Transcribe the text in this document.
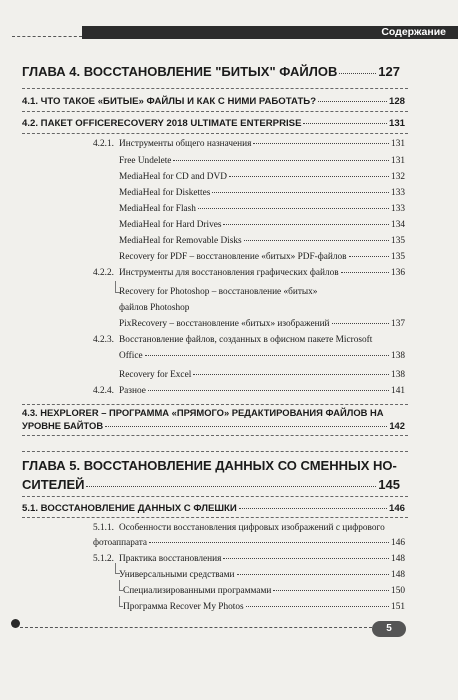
Содержание
ГЛАВА 4. ВОССТАНОВЛЕНИЕ "БИТЫХ" ФАЙЛОВ	127
4.1. ЧТО ТАКОЕ «БИТЫЕ» ФАЙЛЫ И КАК С НИМИ РАБОТАТЬ?	128
4.2. ПАКЕТ OFFICERECOVERY 2018 ULTIMATE ENTERPRISE	131
4.2.1. Инструменты общего назначения	131
Free Undelete	131
MediaHeal for CD and DVD	132
MediaHeal for Diskettes	133
MediaHeal for Flash	133
MediaHeal for Hard Drives	134
MediaHeal for Removable Disks	135
Recovery for PDF – восстановление «битых» PDF-файлов	135
4.2.2. Инструменты для восстановления графических файлов	136
Recovery for Photoshop – восстановление «битых»
файлов Photoshop
PixRecovery – восстановление «битых» изображений	137
4.2.3. Восстановление файлов, созданных в офисном пакете Microsoft
Office	138
Recovery for Excel	138
4.2.4. Разное	141
4.3. HEXPLORER – ПРОГРАММА «ПРЯМОГО» РЕДАКТИРОВАНИЯ ФАЙЛОВ НА
УРОВНЕ БАЙТОВ	142
ГЛАВА 5. ВОССТАНОВЛЕНИЕ ДАННЫХ СО СМЕННЫХ НО-
СИТЕЛЕЙ	145
5.1. ВОССТАНОВЛЕНИЕ ДАННЫХ С ФЛЕШКИ	146
5.1.1. Особенности восстановления цифровых изображений с цифрового
фотоаппарата	146
5.1.2. Практика восстановления	148
Универсальными средствами	148
Специализированными программами	150
Программа Recover My Photos	151
5
